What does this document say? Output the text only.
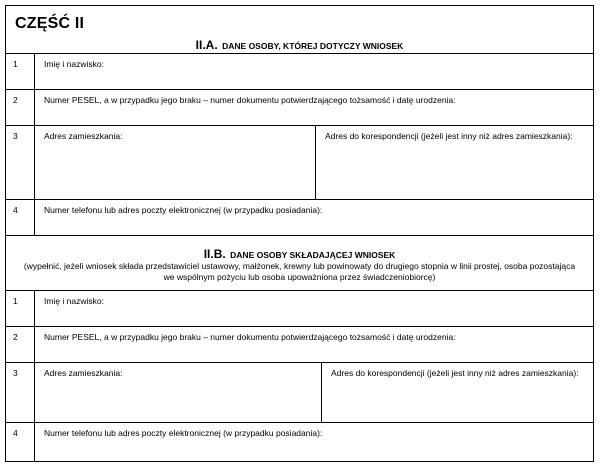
CZĘŚĆ II
II.A. DANE OSOBY, KTÓREJ DOTYCZY WNIOSEK
1	Imię i nazwisko:
2	Numer PESEL, a w przypadku jego braku – numer dokumentu potwierdzającego tożsamość i datę urodzenia:
3	Adres zamieszkania:	Adres do korespondencji (jeżeli jest inny niż adres zamieszkania):
4	Numer telefonu lub adres poczty elektronicznej (w przypadku posiadania):
II.B. DANE OSOBY SKŁADAJĄCEJ WNIOSEK
(wypełnić, jeżeli wniosek składa przedstawiciel ustawowy, małżonek, krewny lub powinowaty do drugiego stopnia w linii prostej, osoba pozostająca
we wspólnym pożyciu lub osoba upoważniona przez świadczeniobiorcę)
1	Imię i nazwisko:
2	Numer PESEL, a w przypadku jego braku – numer dokumentu potwierdzającego tożsamość i datę urodzenia:
3	Adres zamieszkania:	Adres do korespondencji (jeżeli jest inny niż adres zamieszkania):
4	Numer telefonu lub adres poczty elektronicznej (w przypadku posiadania):
